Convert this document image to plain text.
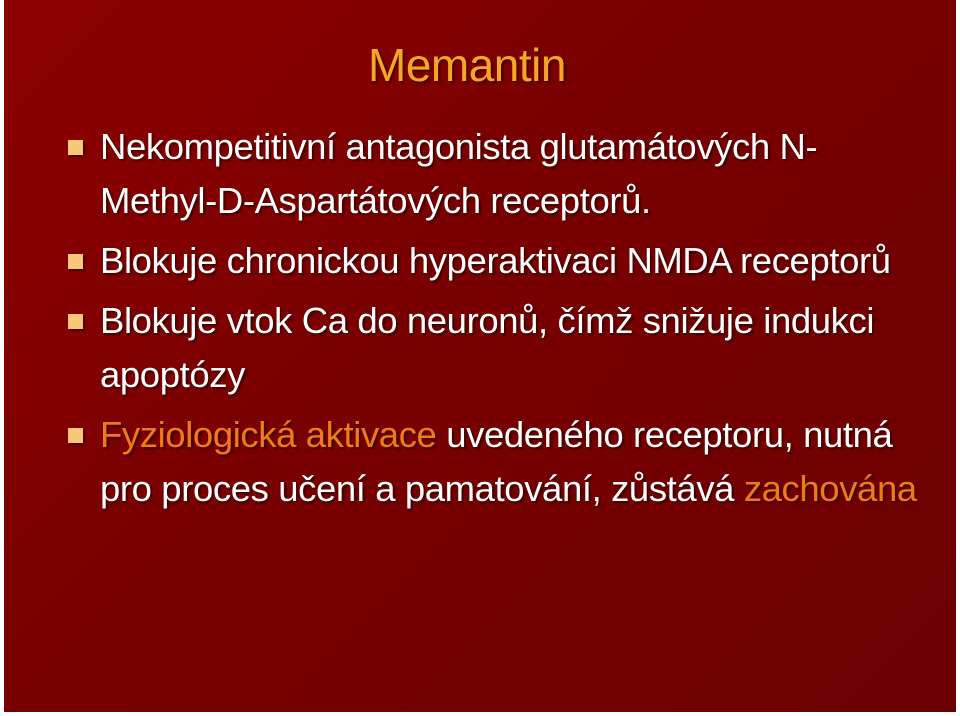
Memantin
Nekompetitivní antagonista glutamátových N-Methyl-D-Aspartátových receptorů.
Blokuje chronickou hyperaktivaci NMDA receptorů
Blokuje vtok Ca do neuronů, čímž snižuje indukci apoptózy
Fyziologická aktivace uvedeného receptoru, nutná pro proces učení a pamatování, zůstává zachována
